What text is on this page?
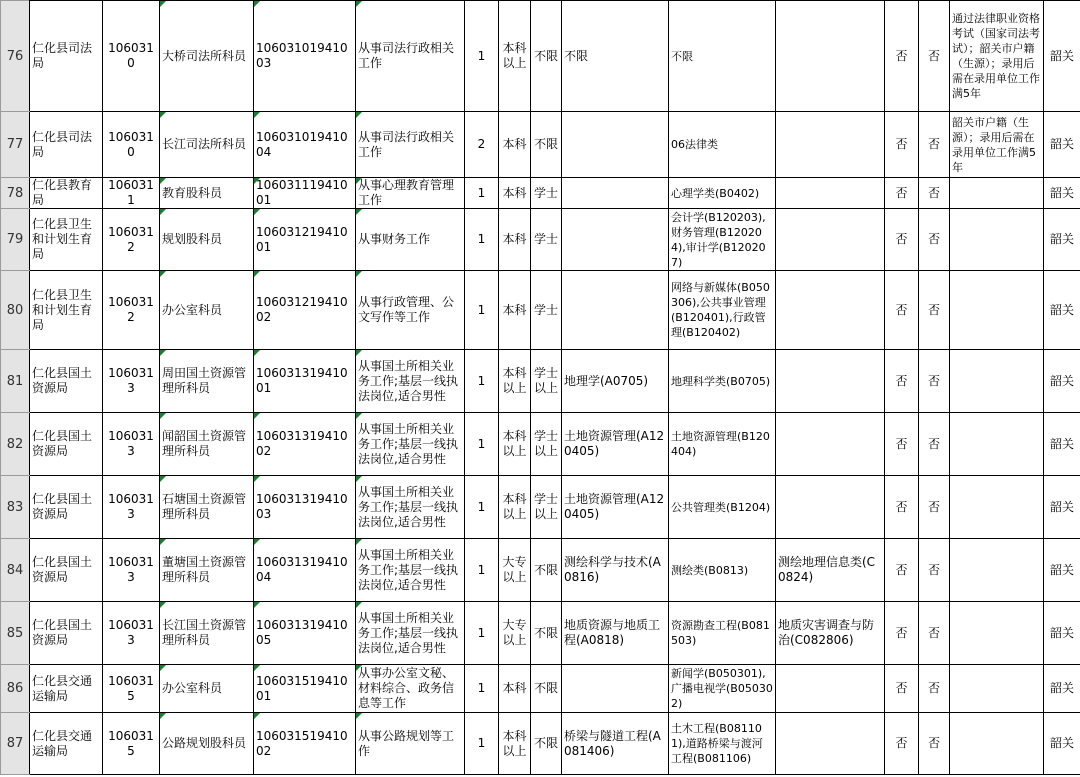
76	仁化县司法局	1060310	大桥司法所科员	10603101941003	从事司法行政相关工作	1	本科以上	不限	不限	不限		否	否	通过法律职业资格考试（国家司法考试）；韶关市户籍（生源）；录用后需在录用单位工作满5年	韶关
77	仁化县司法局	1060310	长江司法所科员	10603101941004	从事司法行政相关工作	2	本科	不限		06法律类		否	否	韶关市户籍（生源）；录用后需在录用单位工作满5年	韶关
78	仁化县教育局	1060311	教育股科员	10603111941001	从事心理教育管理工作	1	本科	学士		心理学类(B0402)		否	否		韶关
79	仁化县卫生和计划生育局	1060312	规划股科员	10603121941001	从事财务工作	1	本科	学士		会计学(B120203),财务管理(B120204),审计学(B120207)		否	否		韶关
80	仁化县卫生和计划生育局	1060312	办公室科员	10603121941002	从事行政管理、公文写作等工作	1	本科	学士		网络与新媒体(B050306),公共事业管理(B120401),行政管理(B120402)		否	否		韶关
81	仁化县国土资源局	1060313	周田国土资源管理所科员	10603131941001	从事国土所相关业务工作;基层一线执法岗位,适合男性	1	本科以上	学士以上	地理学(A0705)	地理科学类(B0705)		否	否		韶关
82	仁化县国土资源局	1060313	闻韶国土资源管理所科员	10603131941002	从事国土所相关业务工作;基层一线执法岗位,适合男性	1	本科以上	学士以上	土地资源管理(A120405)	土地资源管理(B120404)		否	否		韶关
83	仁化县国土资源局	1060313	石塘国土资源管理所科员	10603131941003	从事国土所相关业务工作;基层一线执法岗位,适合男性	1	本科以上	学士以上	土地资源管理(A120405)	公共管理类(B1204)		否	否		韶关
84	仁化县国土资源局	1060313	董塘国土资源管理所科员	10603131941004	从事国土所相关业务工作;基层一线执法岗位,适合男性	1	大专以上	不限	测绘科学与技术(A0816)	测绘类(B0813)	测绘地理信息类(C0824)	否	否		韶关
85	仁化县国土资源局	1060313	长江国土资源管理所科员	10603131941005	从事国土所相关业务工作;基层一线执法岗位,适合男性	1	大专以上	不限	地质资源与地质工程(A0818)	资源勘查工程(B081503)	地质灾害调查与防治(C082806)	否	否		韶关
86	仁化县交通运输局	1060315	办公室科员	10603151941001	从事办公室文秘、材料综合、政务信息等工作	1	本科	不限		新闻学(B050301),广播电视学(B050302)		否	否		韶关
87	仁化县交通运输局	1060315	公路规划股科员	10603151941002	从事公路规划等工作	1	本科以上	不限	桥梁与隧道工程(A081406)	土木工程(B081101),道路桥梁与渡河工程(B081106)		否	否		韶关
